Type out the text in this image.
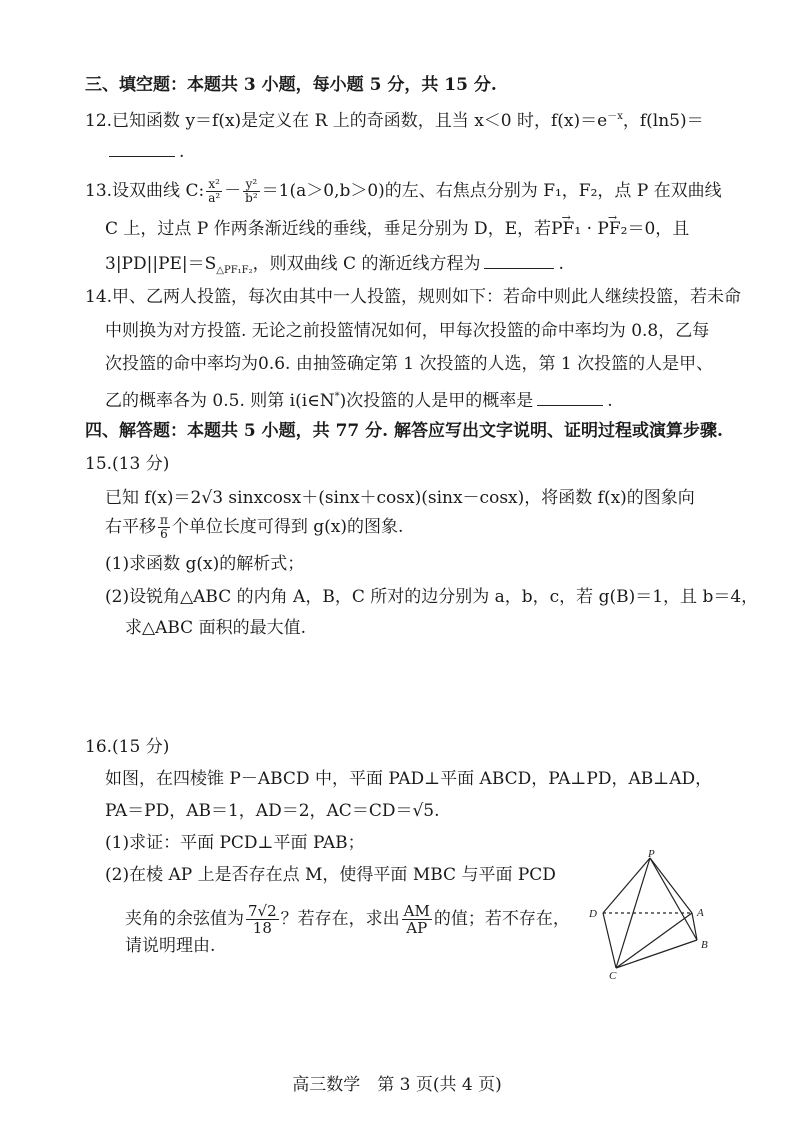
三、填空题：本题共 3 小题，每小题 5 分，共 15 分.
12.已知函数 y＝f(x)是定义在 R 上的奇函数，且当 x＜0 时，$f(x)=e^{-x}$，f(ln5)＝
.
13.设双曲线 C: $\frac{\text{x²}}{\text{a²}} - \frac{\text{y²}}{\text{b²}} =1(a>0,b>0)$的左、右焦点分别为 F₁，F₂，点 P 在双曲线
C 上，过点 P 作两条渐近线的垂线，垂足分别为 D，E，若→ PF₁ · → PF₂＝0，且
$3|PD||PE|=S_{\triangle PF_1F_2}$，则双曲线 C 的渐近线方程为	.
14.甲、乙两人投篮，每次由其中一人投篮，规则如下：若命中则此人继续投篮，若未命
中则换为对方投篮. 无论之前投篮情况如何，甲每次投篮的命中率均为 0.8，乙每
次投篮的命中率均为0.6. 由抽签确定第 1 次投篮的人选，第 1 次投篮的人是甲、
乙的概率各为 0.5. 则第 i(i∈N*)次投篮的人是甲的概率是	.
四、解答题：本题共 5 小题，共 77 分. 解答应写出文字说明、证明过程或演算步骤.
15.(13 分)
已知 f(x)＝2√3 sinxcosx＋(sinx＋cosx)(sinx－cosx)，将函数 f(x)的图象向
右平移 $\frac{\pi}{6}$ 个单位长度可得到 g(x)的图象.
(1)求函数 g(x)的解析式；
(2)设锐角△ABC 的内角 A，B，C 所对的边分别为 a，b，c，若 g(B)＝1，且 b＝4，
求△ABC 面积的最大值.
16.(15 分)
如图，在四棱锥 P－ABCD 中，平面 PAD⊥平面 ABCD，PA⊥PD，AB⊥AD，
PA＝PD，AB＝1，AD＝2，AC＝CD＝√5.
(1)求证：平面 PCD⊥平面 PAB；
(2)在棱 AP 上是否存在点 M，使得平面 MBC 与平面 PCD
夹角的余弦值为 $\frac{7√2}{18}$ ？若存在，求出 $\frac{AM}{AP}$ 的值；若不存在，
请说明理由.
P
D	A
B
C
高三数学　第 3 页(共 4 页)
